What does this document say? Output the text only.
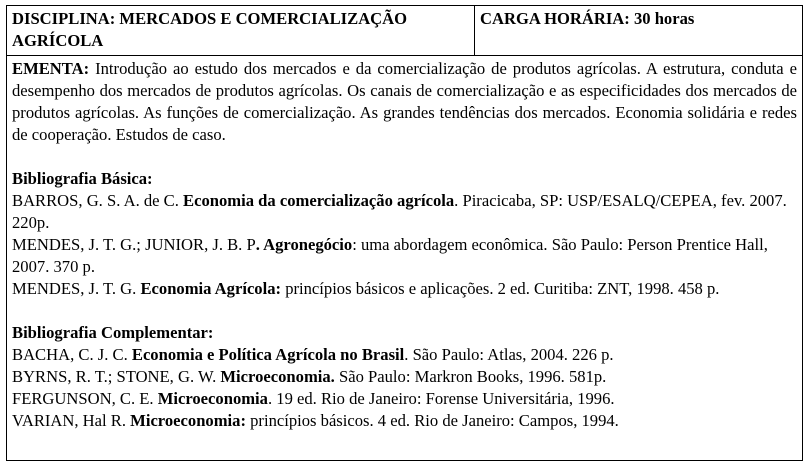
DISCIPLINA: MERCADOS E COMERCIALIZAÇÃO AGRÍCOLA	CARGA HORÁRIA: 30 horas

EMENTA: Introdução ao estudo dos mercados e da comercialização de produtos agrícolas. A estrutura, conduta e desempenho dos mercados de produtos agrícolas. Os canais de comercialização e as especificidades dos mercados de produtos agrícolas. As funções de comercialização. As grandes tendências dos mercados. Economia solidária e redes de cooperação. Estudos de caso.

Bibliografia Básica:

BARROS, G. S. A. de C. Economia da comercialização agrícola. Piracicaba, SP: USP/ESALQ/CEPEA, fev. 2007. 220p.

MENDES, J. T. G.; JUNIOR, J. B. P. Agronegócio: uma abordagem econômica. São Paulo: Person Prentice Hall, 2007. 370 p.

MENDES, J. T. G. Economia Agrícola: princípios básicos e aplicações. 2 ed. Curitiba: ZNT, 1998. 458 p.

Bibliografia Complementar:

BACHA, C. J. C. Economia e Política Agrícola no Brasil. São Paulo: Atlas, 2004. 226 p.

BYRNS, R. T.; STONE, G. W. Microeconomia. São Paulo: Markron Books, 1996. 581p.

FERGUNSON, C. E. Microeconomia. 19 ed. Rio de Janeiro: Forense Universitária, 1996.

VARIAN, Hal R. Microeconomia: princípios básicos. 4 ed. Rio de Janeiro: Campos, 1994.
